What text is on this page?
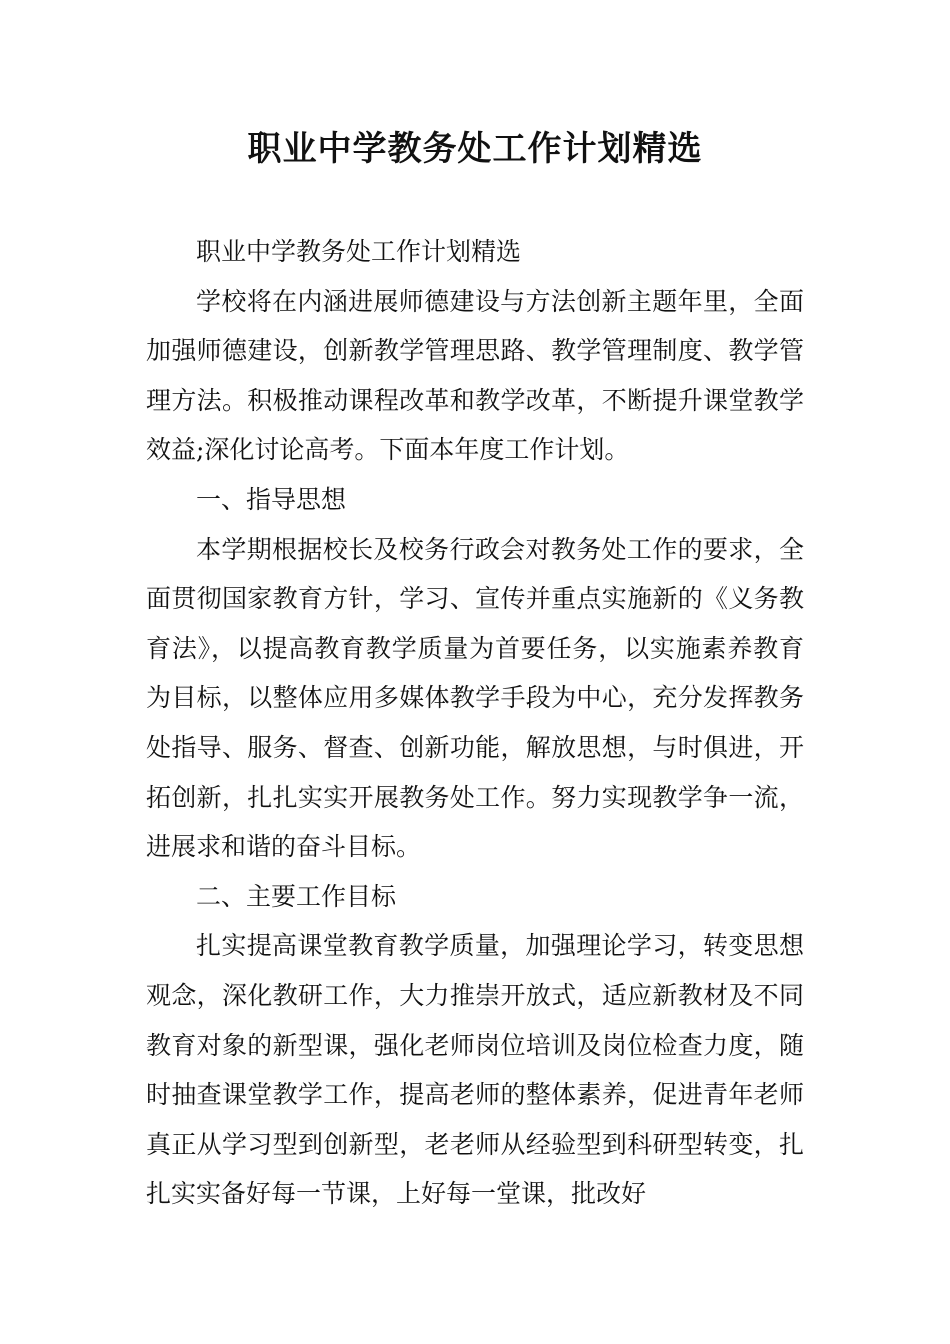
职业中学教务处工作计划精选

职业中学教务处工作计划精选

学校将在内涵进展师德建设与方法创新主题年里，全面加强师德建设，创新教学管理思路、教学管理制度、教学管理方法。积极推动课程改革和教学改革，不断提升课堂教学效益;深化讨论高考。下面本年度工作计划。

一、指导思想

本学期根据校长及校务行政会对教务处工作的要求，全面贯彻国家教育方针，学习、宣传并重点实施新的《义务教育法》，以提高教育教学质量为首要任务，以实施素养教育为目标，以整体应用多媒体教学手段为中心，充分发挥教务处指导、服务、督查、创新功能，解放思想，与时俱进，开拓创新，扎扎实实开展教务处工作。努力实现教学争一流，进展求和谐的奋斗目标。

二、主要工作目标

扎实提高课堂教育教学质量，加强理论学习，转变思想观念，深化教研工作，大力推崇开放式，适应新教材及不同教育对象的新型课，强化老师岗位培训及岗位检查力度，随时抽查课堂教学工作，提高老师的整体素养，促进青年老师真正从学习型到创新型，老老师从经验型到科研型转变，扎扎实实备好每一节课，上好每一堂课，批改好
